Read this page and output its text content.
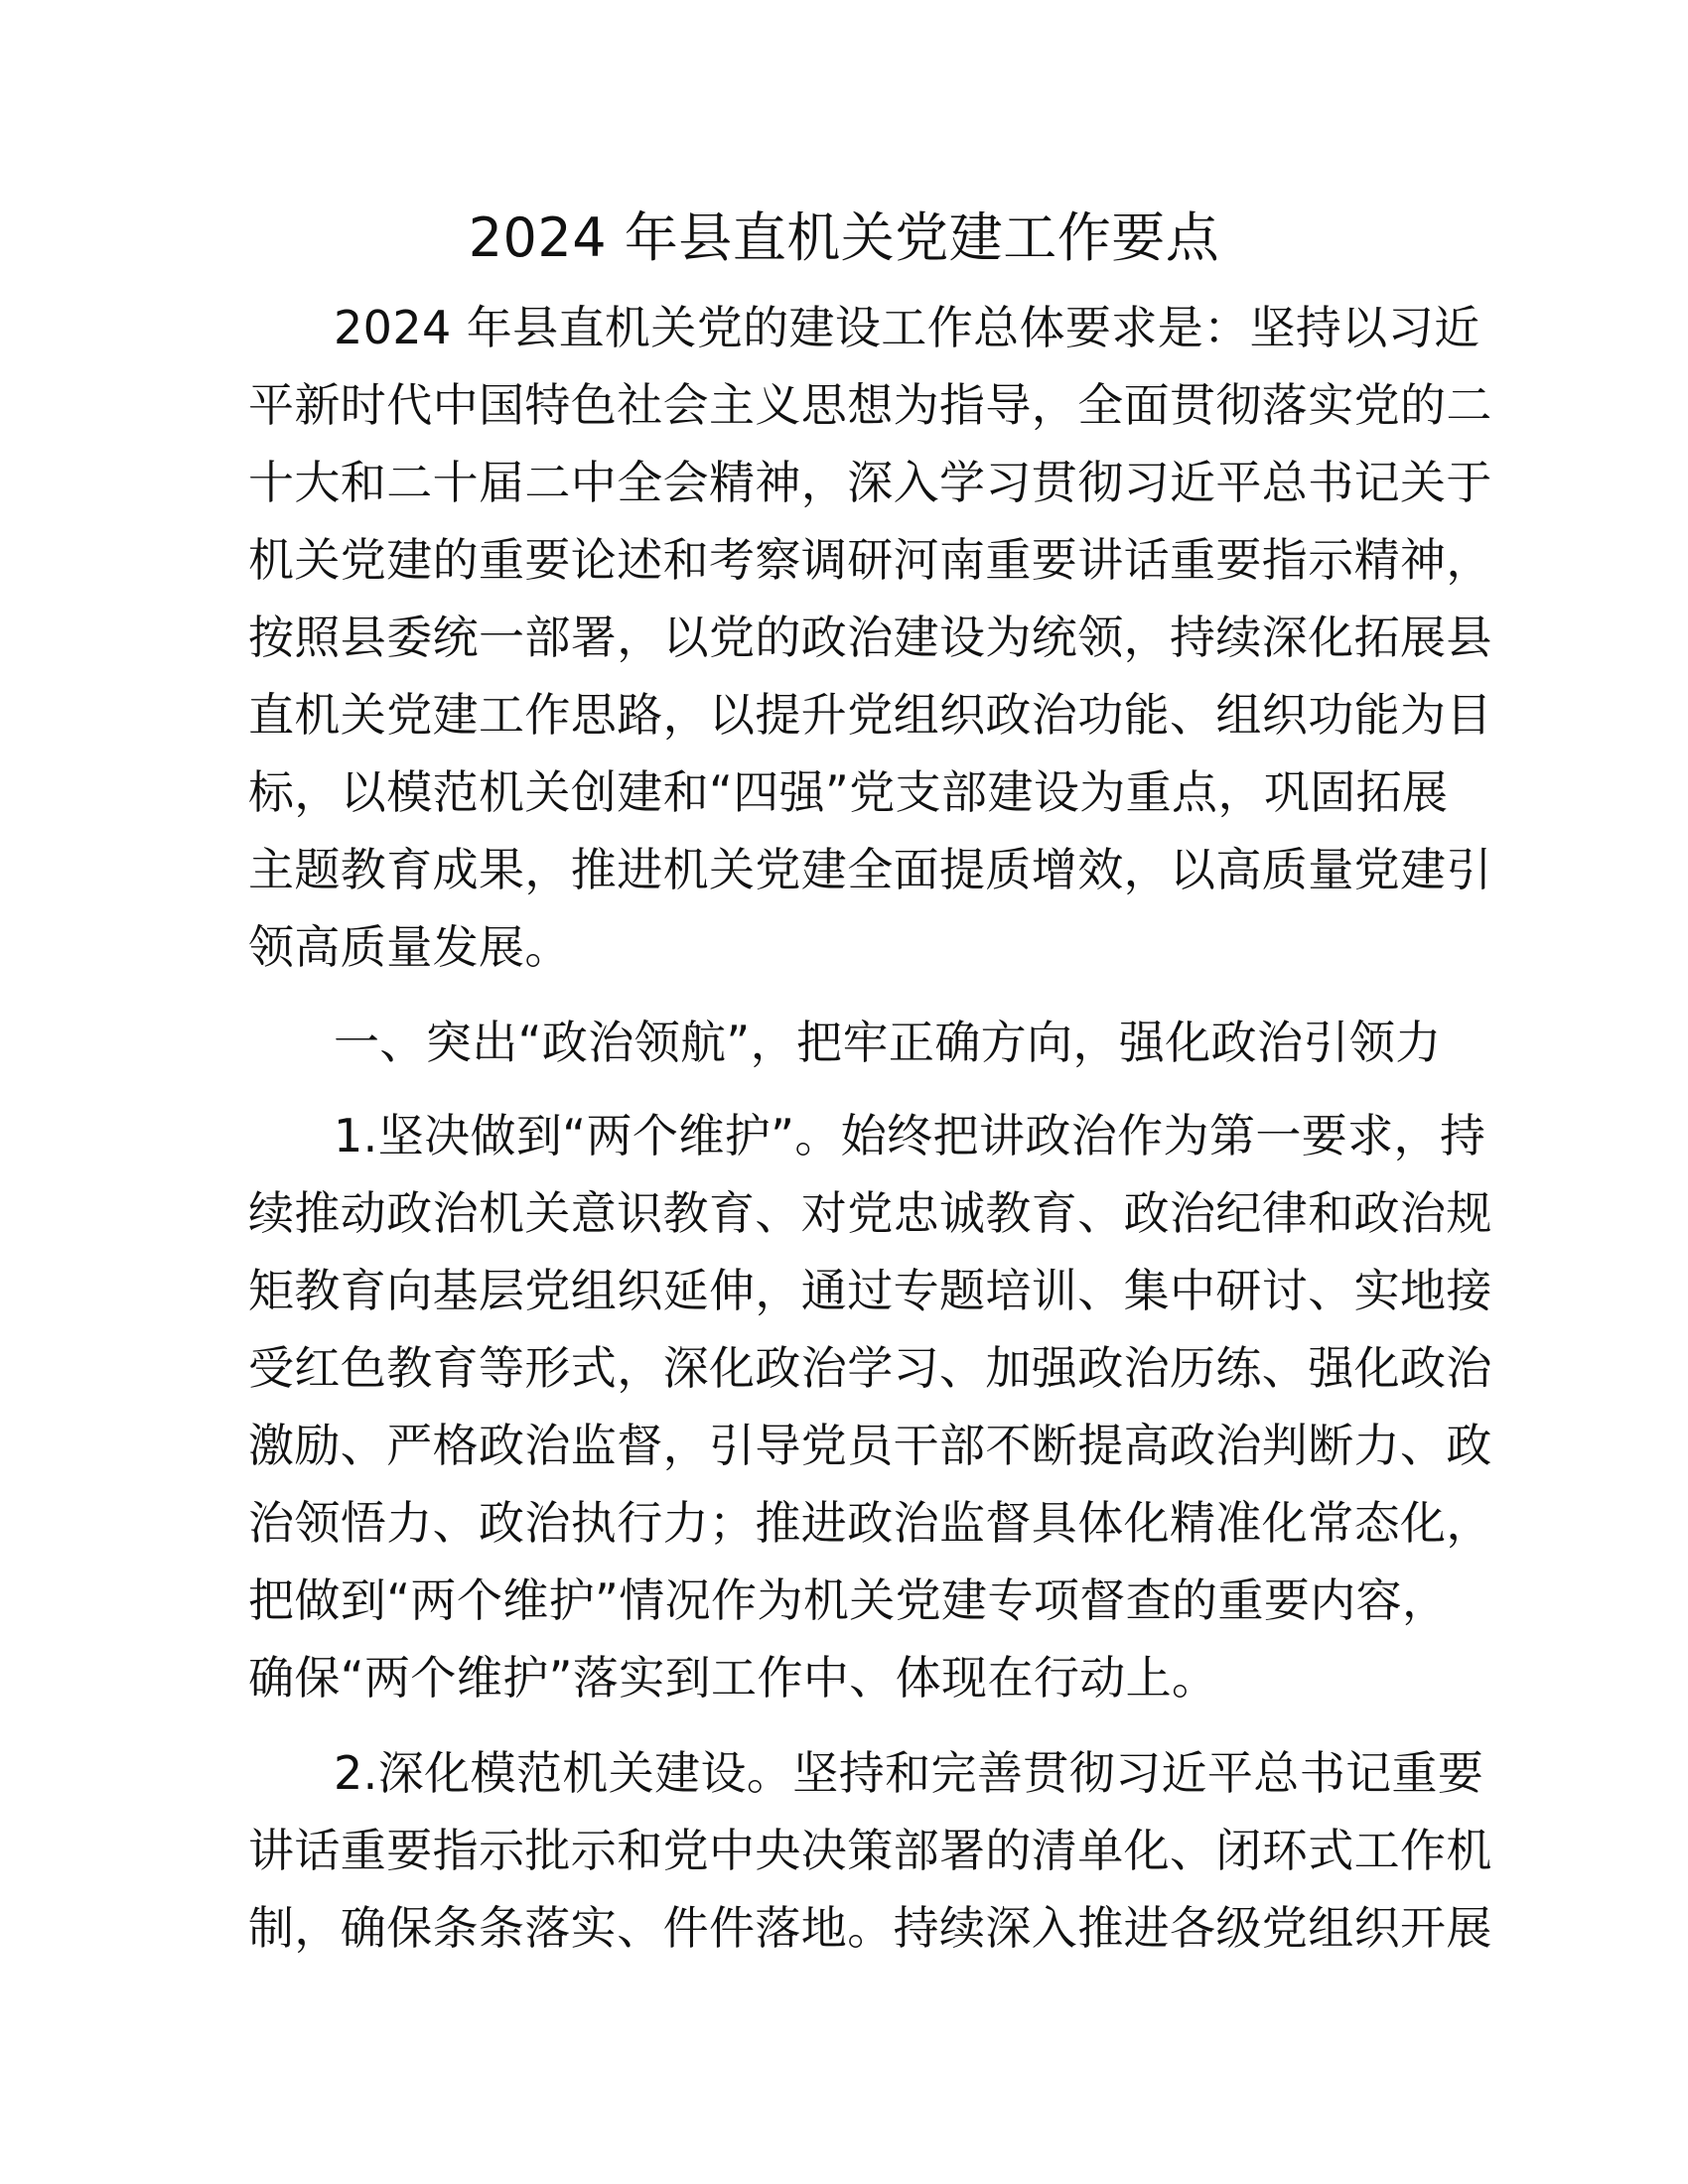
2024 年县直机关党建工作要点
2024 年县直机关党的建设工作总体要求是：坚持以习近
平新时代中国特色社会主义思想为指导，全面贯彻落实党的二
十大和二十届二中全会精神，深入学习贯彻习近平总书记关于
机关党建的重要论述和考察调研河南重要讲话重要指示精神，
按照县委统一部署，以党的政治建设为统领，持续深化拓展县
直机关党建工作思路，以提升党组织政治功能、组织功能为目
标，以模范机关创建和“四强”党支部建设为重点，巩固拓展
主题教育成果，推进机关党建全面提质增效，以高质量党建引
领高质量发展。
一、突出“政治领航”，把牢正确方向，强化政治引领力
1.坚决做到“两个维护”。始终把讲政治作为第一要求，持
续推动政治机关意识教育、对党忠诚教育、政治纪律和政治规
矩教育向基层党组织延伸，通过专题培训、集中研讨、实地接
受红色教育等形式，深化政治学习、加强政治历练、强化政治
激励、严格政治监督，引导党员干部不断提高政治判断力、政
治领悟力、政治执行力；推进政治监督具体化精准化常态化，
把做到“两个维护”情况作为机关党建专项督查的重要内容，
确保“两个维护”落实到工作中、体现在行动上。
2.深化模范机关建设。坚持和完善贯彻习近平总书记重要
讲话重要指示批示和党中央决策部署的清单化、闭环式工作机
制，确保条条落实、件件落地。持续深入推进各级党组织开展
